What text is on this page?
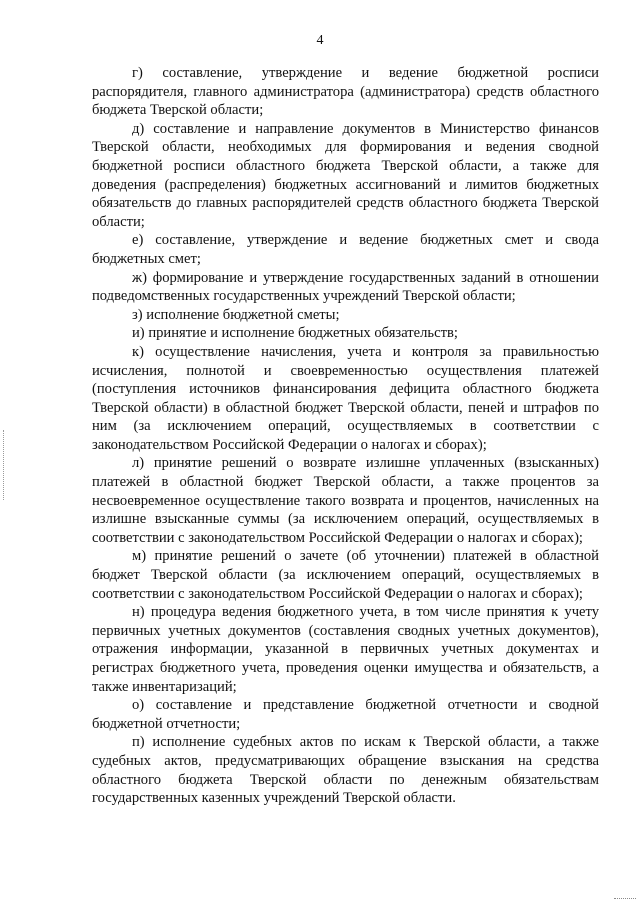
4

г) составление, утверждение и ведение бюджетной росписи распорядителя, главного администратора (администратора) средств областного бюджета Тверской области;

д) составление и направление документов в Министерство финансов Тверской области, необходимых для формирования и ведения сводной бюджетной росписи областного бюджета Тверской области, а также для доведения (распределения) бюджетных ассигнований и лимитов бюджетных обязательств до главных распорядителей средств областного бюджета Тверской области;

е) составление, утверждение и ведение бюджетных смет и свода бюджетных смет;

ж) формирование и утверждение государственных заданий в отношении подведомственных государственных учреждений Тверской области;

з) исполнение бюджетной сметы;

и) принятие и исполнение бюджетных обязательств;

к) осуществление начисления, учета и контроля за правильностью исчисления, полнотой и своевременностью осуществления платежей (поступления источников финансирования дефицита областного бюджета Тверской области) в областной бюджет Тверской области, пеней и штрафов по ним (за исключением операций, осуществляемых в соответствии с законодательством Российской Федерации о налогах и сборах);

л) принятие решений о возврате излишне уплаченных (взысканных) платежей в областной бюджет Тверской области, а также процентов за несвоевременное осуществление такого возврата и процентов, начисленных на излишне взысканные суммы (за исключением операций, осуществляемых в соответствии с законодательством Российской Федерации о налогах и сборах);

м) принятие решений о зачете (об уточнении) платежей в областной бюджет Тверской области (за исключением операций, осуществляемых в соответствии с законодательством Российской Федерации о налогах и сборах);

н) процедура ведения бюджетного учета, в том числе принятия к учету первичных учетных документов (составления сводных учетных документов), отражения информации, указанной в первичных учетных документах и регистрах бюджетного учета, проведения оценки имущества и обязательств, а также инвентаризаций;

о) составление и представление бюджетной отчетности и сводной бюджетной отчетности;

п) исполнение судебных актов по искам к Тверской области, а также судебных актов, предусматривающих обращение взыскания на средства областного бюджета Тверской области по денежным обязательствам государственных казенных учреждений Тверской области.
